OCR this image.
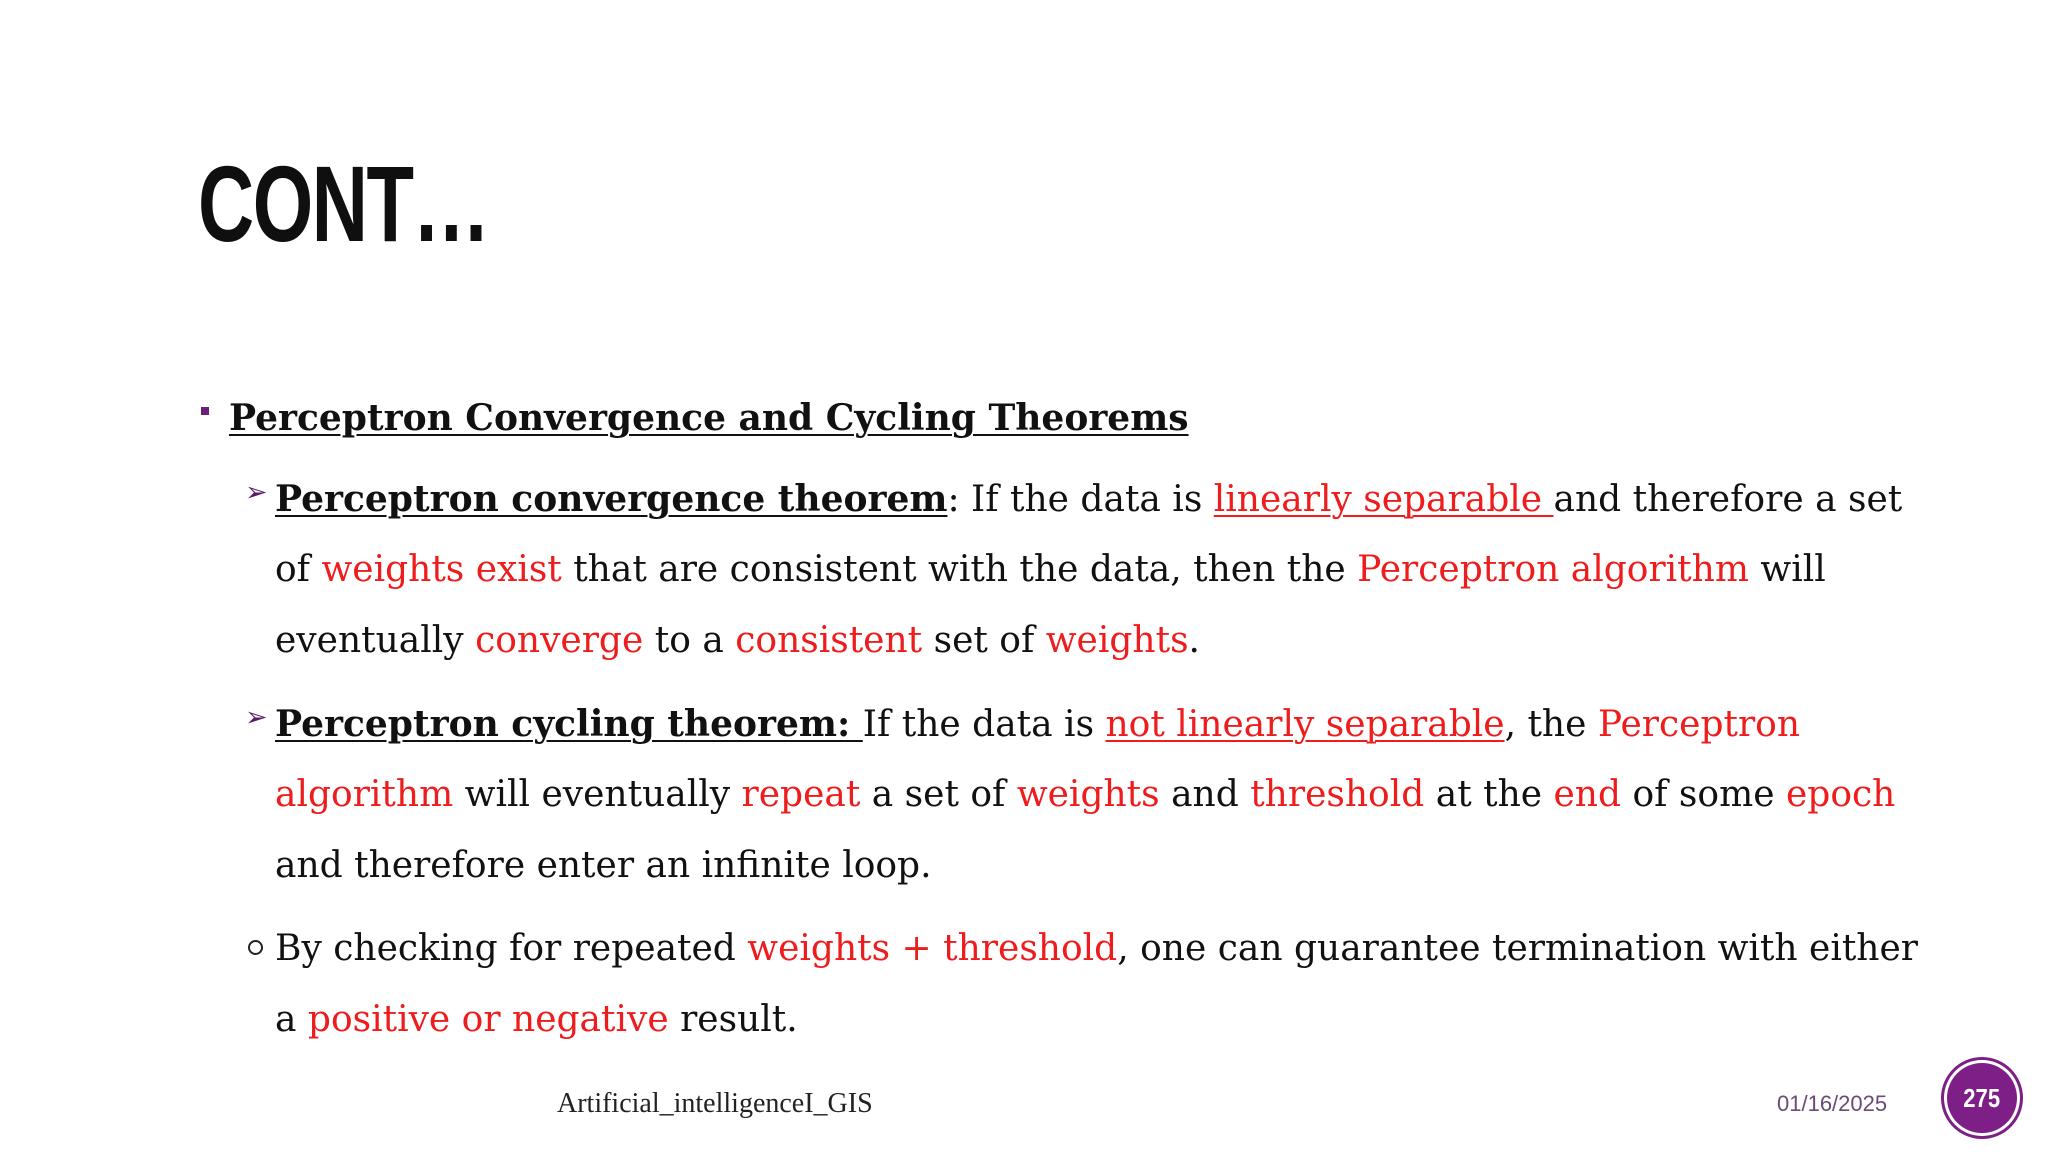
CONT…
Perceptron Convergence and Cycling Theorems
➢ Perceptron convergence theorem: If the data is linearly separable and therefore a set
of weights exist that are consistent with the data, then the Perceptron algorithm will
eventually converge to a consistent set of weights.
➢ Perceptron cycling theorem: If the data is not linearly separable, the Perceptron
algorithm will eventually repeat a set of weights and threshold at the end of some epoch
and therefore enter an infinite loop.
By checking for repeated weights + threshold, one can guarantee termination with either
a positive or negative result.
Artificial_intelligenceI_GIS	01/16/2025	275
